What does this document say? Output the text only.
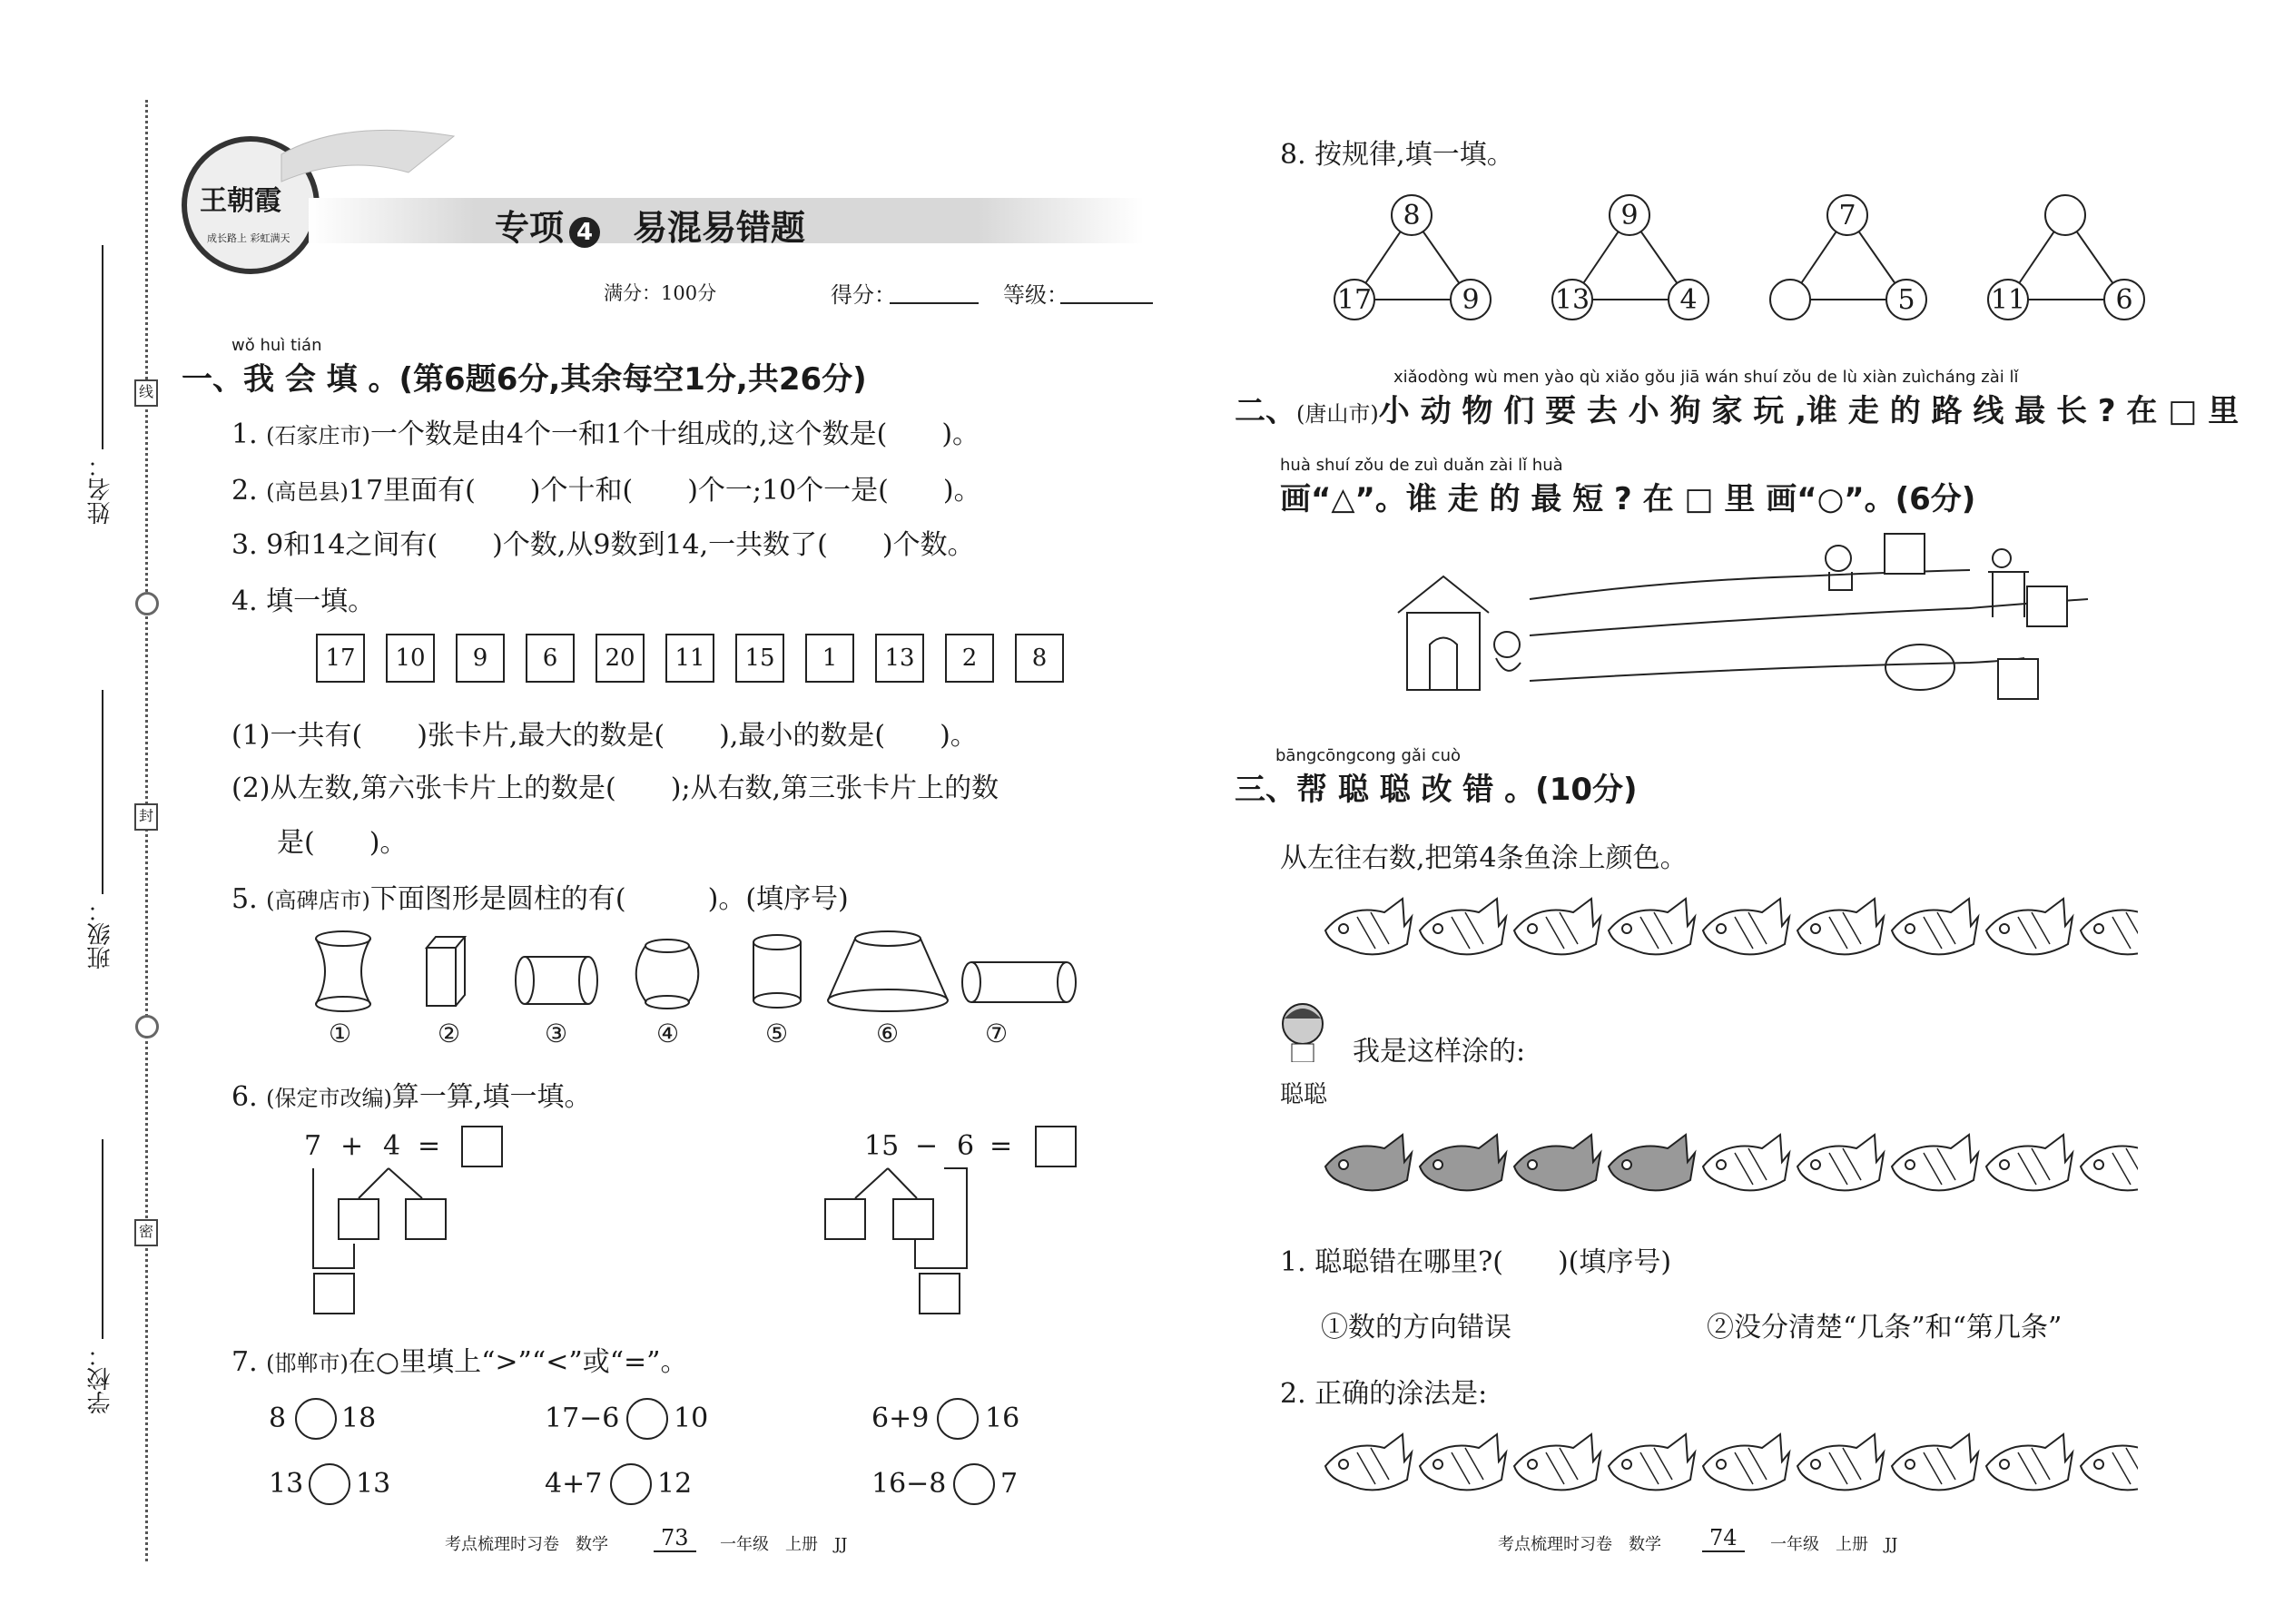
姓名：
班级：
学校：
线
封
密
王朝霞
成长路上 彩虹满天	专项 4 易混易错题
满分：100分	得分：	等级：
wǒ huì tián
一、我 会 填 。(第6题6分,其余每空1分,共26分)
1. (石家庄市)一个数是由4个一和1个十组成的,这个数是(　　)。
2. (高邑县)17里面有(　　)个十和(　　)个一;10个一是(　　)。
3. 9和14之间有(　　)个数,从9数到14,一共数了(　　)个数。
4. 填一填。
17	10	9	6	20	11	15	1	13	2	8
(1)一共有(　　)张卡片,最大的数是(　　),最小的数是(　　)。
(2)从左数,第六张卡片上的数是(　　);从右数,第三张卡片上的数
是(　　)。
5. (高碑店市)下面图形是圆柱的有(　　　)。(填序号)
①	②	③	④	⑤	⑥	⑦
6. (保定市改编)算一算,填一填。
7 + 4 =	15 − 6 =
7. (邯郸市)在○里填上“>”“<”或“=”。
8 18	17−6 10	6+9 16
13 13	4+7 12	16−8 7
考点梳理时习卷　数学	73	一年级　上册　JJ
8. 按规律,填一填。
8
17	9
9
13	4
7
5	11	6
xiǎodòng wù men yào qù xiǎo gǒu jiā wán shuí zǒu de lù xiàn zuìcháng zài lǐ
二、(唐山市)小 动 物 们 要 去 小 狗 家 玩 ,谁 走 的 路 线 最 长 ? 在 □ 里
huà shuí zǒu de zuì duǎn zài lǐ huà
画“△”。谁 走 的 最 短 ? 在 □ 里 画“○”。(6分)
bāngcōngcong gǎi cuò
三、帮 聪 聪 改 错 。(10分)
从左往右数,把第4条鱼涂上颜色。
我是这样涂的:
聪聪
1. 聪聪错在哪里?(　　)(填序号)
①数的方向错误	②没分清楚“几条”和“第几条”
2. 正确的涂法是:
考点梳理时习卷　数学	74	一年级　上册　JJ
